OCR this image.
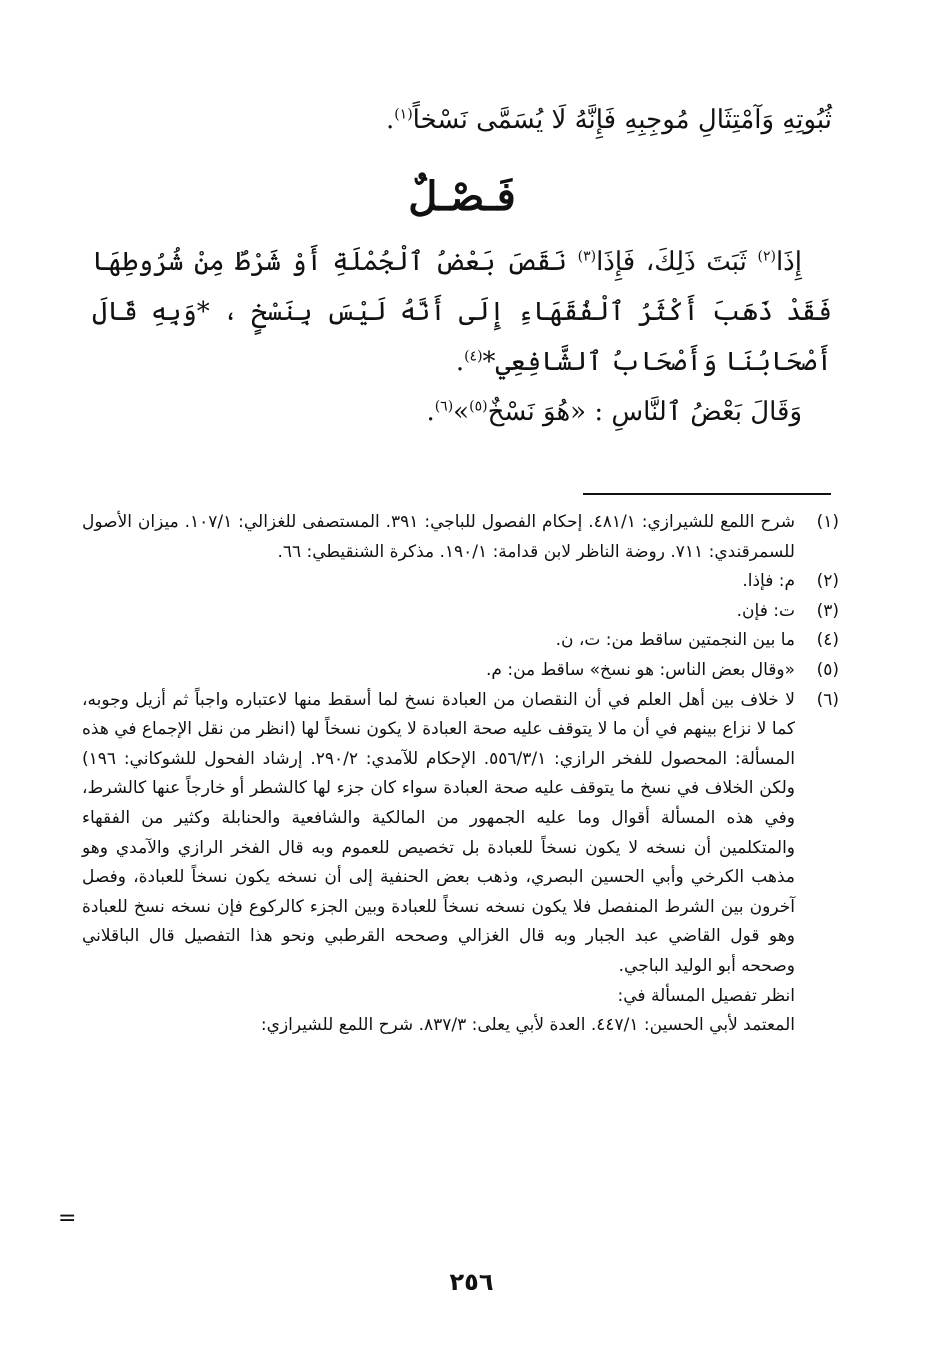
ثُبُوتِهِ وَآمْتِثَالِ مُوجِبِهِ فَإِنَّهُ لَا يُسَمَّى نَسْخاً$^{(١)}$.

فَـصْـلٌ

إِذَا$^{(٢)}$ ثَبَتَ ذَلِكَ، فَإِذَا$^{(٣)}$ نَقَصَ بَعْضُ ٱلْجُمْلَةِ أَوْ شَرْطٌ مِنْ شُرُوطِهَا فَقَدْ ذَهَبَ أَكْثَرُ ٱلْفُقَهَاءِ إِلَى أَنَّهُ لَيْسَ بِنَسْخٍ ، *وَبِهِ قَالَ أَصْحَابُنَا وَأَصْحَابُ ٱلشَّافِعِي*$^{(٤)}$.

وَقَالَ بَعْضُ ٱلنَّاسِ : «هُوَ نَسْخٌ$^{(٥)}$»$^{(٦)}$.

(١)
شرح اللمع للشيرازي: ٤٨١/١. إحكام الفصول للباجي: ٣٩١. المستصفى للغزالي: ١٠٧/١. ميزان الأصول للسمرقندي: ٧١١. روضة الناظر لابن قدامة: ١٩٠/١. مذكرة الشنقيطي: ٦٦.
(٢)
م: فإذا.
(٣)
ت: فإن.
(٤)
ما بين النجمتين ساقط من: ت، ن.
(٥)
«وقال بعض الناس: هو نسخ» ساقط من: م.
(٦)
لا خلاف بين أهل العلم في أن النقصان من العبادة نسخ لما أسقط منها لاعتباره واجباً ثم أزيل وجوبه، كما لا نزاع بينهم في أن ما لا يتوقف عليه صحة العبادة لا يكون نسخاً لها (انظر من نقل الإجماع في هذه المسألة: المحصول للفخر الرازي: ٥٥٦/٣/١. الإحكام للآمدي: ٢٩٠/٢. إرشاد الفحول للشوكاني: ١٩٦) ولكن الخلاف في نسخ ما يتوقف عليه صحة العبادة سواء كان جزء لها كالشطر أو خارجاً عنها كالشرط، وفي هذه المسألة أقوال وما عليه الجمهور من المالكية والشافعية والحنابلة وكثير من الفقهاء والمتكلمين أن نسخه لا يكون نسخاً للعبادة بل تخصيص للعموم وبه قال الفخر الرازي والآمدي وهو مذهب الكرخي وأبي الحسين البصري، وذهب بعض الحنفية إلى أن نسخه يكون نسخاً للعبادة، وفصل آخرون بين الشرط المنفصل فلا يكون نسخه نسخاً للعبادة وبين الجزء كالركوع فإن نسخه نسخ للعبادة وهو قول القاضي عبد الجبار وبه قال الغزالي وصححه القرطبي ونحو هذا التفصيل قال الباقلاني وصححه أبو الوليد الباجي.
انظر تفصيل المسألة في:
المعتمد لأبي الحسين: ٤٤٧/١. العدة لأبي يعلى: ٨٣٧/٣. شرح اللمع للشيرازي:
=
٢٥٦
